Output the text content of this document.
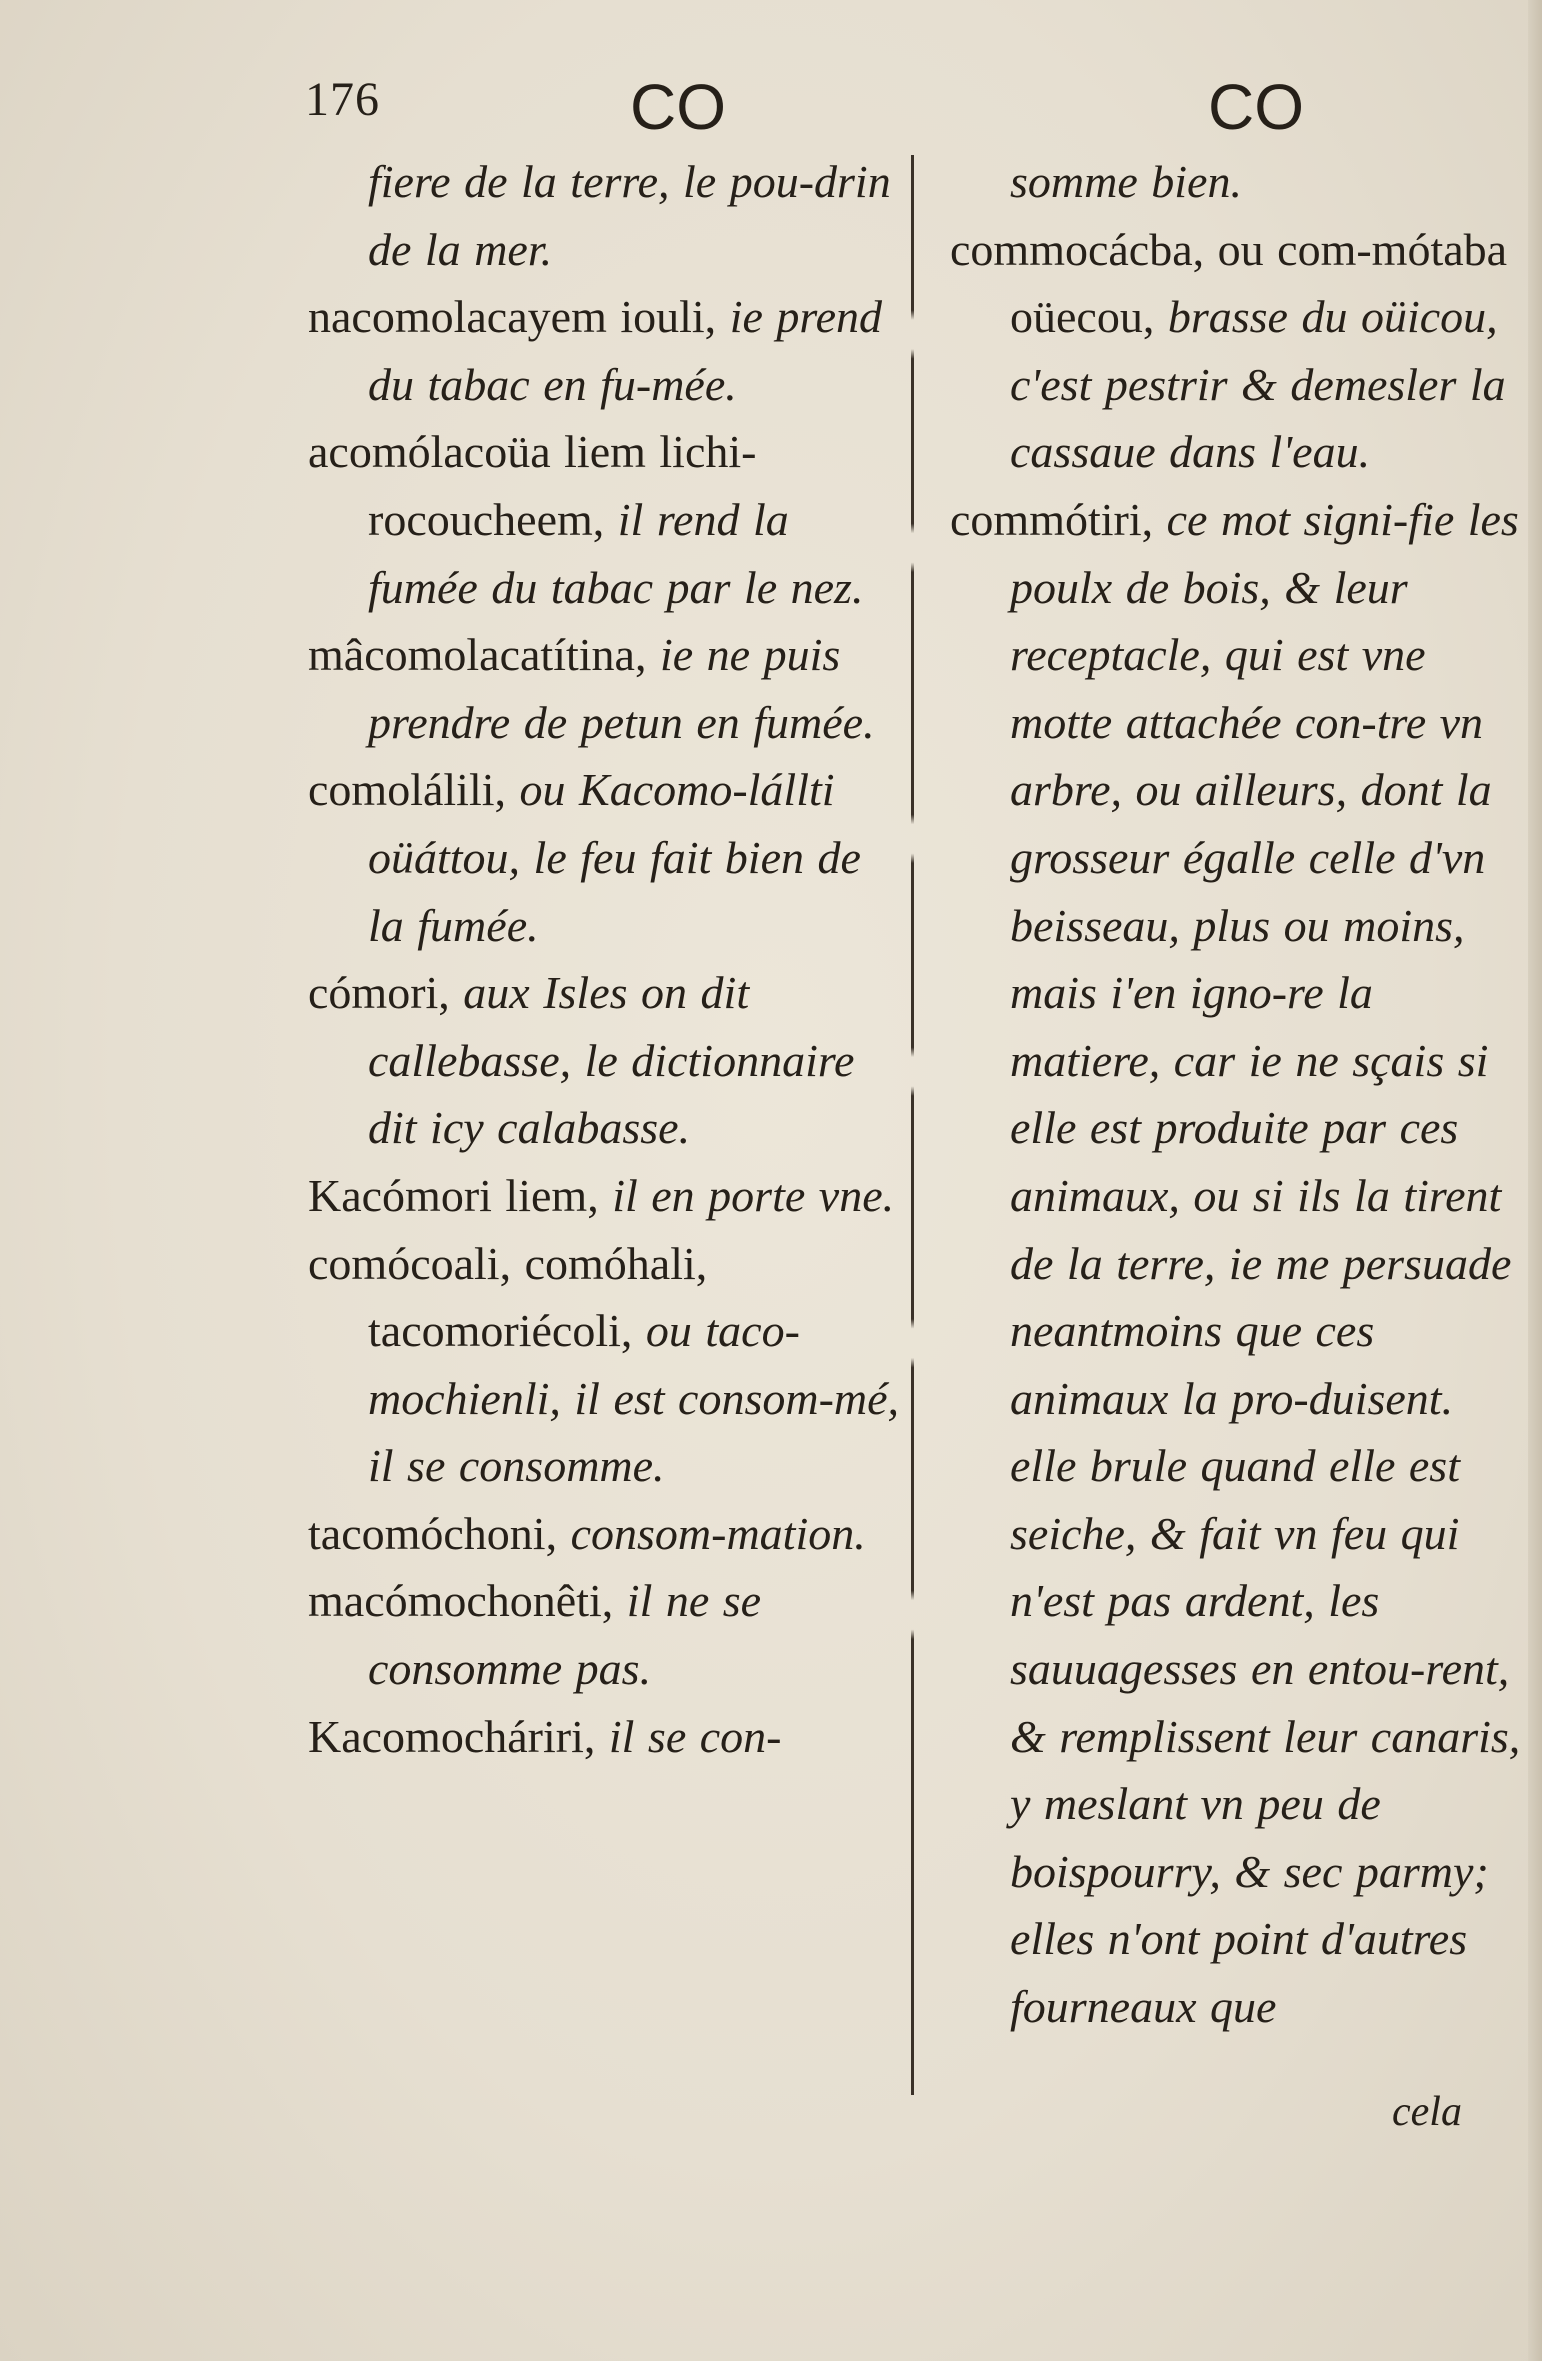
176	CO	CO

fiere de la terre, le pou-drin de la mer.

nacomolacayem iouli, ie prend du tabac en fu-mée.

acomólacoüa liem lichi-rocoucheem, il rend la fumée du tabac par le nez.

mâcomolacatítina, ie ne puis prendre de petun en fumée.

comolálili, ou Kacomo-lállti oüáttou, le feu fait bien de la fumée.

cómori, aux Isles on dit callebasse, le dictionnaire dit icy calabasse.

Kacómori liem, il en porte vne.

comócoali, comóhali, tacomoriécoli, ou taco-mochienli, il est consom-mé, il se consomme.

tacomóchoni, consom-mation.

macómochonêti, il ne se consomme pas.

Kacomocháriri, il se con-

somme bien.

commocácba, ou com-mótaba oüecou, brasse du oüicou, c'est pestrir & demesler la cassaue dans l'eau.

commótiri, ce mot signi-fie les poulx de bois, & leur receptacle, qui est vne motte attachée con-tre vn arbre, ou ailleurs, dont la grosseur égalle celle d'vn beisseau, plus ou moins, mais i'en igno-re la matiere, car ie ne sçais si elle est produite par ces animaux, ou si ils la tirent de la terre, ie me persuade neantmoins que ces animaux la pro-duisent. elle brule quand elle est seiche, & fait vn feu qui n'est pas ardent, les sauuagesses en entou-rent, & remplissent leur canaris, y meslant vn peu de boispourry, & sec parmy; elles n'ont point d'autres fourneaux que

cela
